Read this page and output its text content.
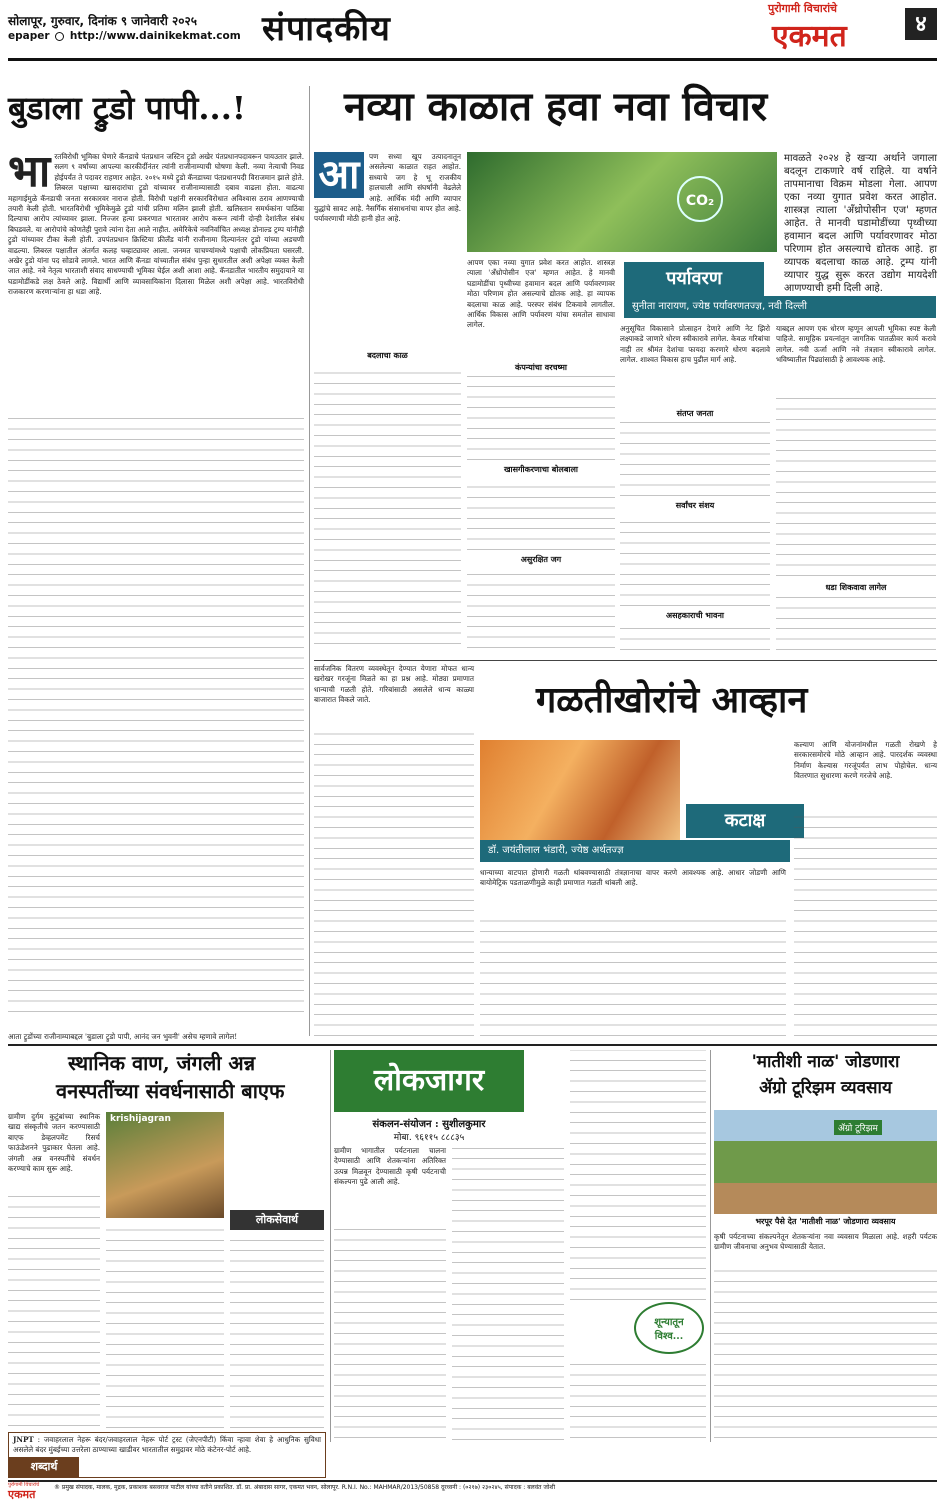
सोलापूर, गुरुवार, दिनांक ९ जानेवारी २०२५
epaper http://www.dainikekmat.com संपादकीय
पुरोगामी विचारांचे
एकमत	४
बुडाला ट्रुडो पापी...!
भा रतविरोधी भूमिका घेणारे कॅनडाचे पंतप्रधान जस्टिन ट्रुडो अखेर पंतप्रधानपदावरून पायउतार झाले. सलग ९ वर्षांच्या आपल्या कारकीर्दीनंतर त्यांनी राजीनाम्याची घोषणा केली. नव्या नेत्याची निवड होईपर्यंत ते पदावर राहणार आहेत. २०१५ मध्ये ट्रुडो कॅनडाच्या पंतप्रधानपदी विराजमान झाले होते. लिबरल पक्षाच्या खासदारांचा ट्रुडो यांच्यावर राजीनाम्यासाठी दबाव वाढला होता. वाढत्या महागाईमुळे कॅनडाची जनता सरकारवर नाराज होती. विरोधी पक्षांनी सरकारविरोधात अविश्वास ठराव आणण्याची तयारी केली होती. भारतविरोधी भूमिकेमुळे ट्रुडो यांची प्रतिमा मलिन झाली होती. खलिस्तान समर्थकांना पाठिंबा दिल्याचा आरोप त्यांच्यावर झाला. निज्जर हत्या प्रकरणात भारतावर आरोप करून त्यांनी दोन्ही देशांतील संबंध बिघडवले. या आरोपांचे कोणतेही पुरावे त्यांना देता आले नाहीत. अमेरिकेचे नवनिर्वाचित अध्यक्ष डोनाल्ड ट्रम्प यांनीही ट्रुडो यांच्यावर टीका केली होती. उपपंतप्रधान क्रिस्टिया फ्रीलँड यांनी राजीनामा दिल्यानंतर ट्रुडो यांच्या अडचणी वाढल्या. लिबरल पक्षातील अंतर्गत कलह चव्हाट्यावर आला. जनमत चाचण्यांमध्ये पक्षाची लोकप्रियता घसरली. अखेर ट्रुडो यांना पद सोडावे लागले. भारत आणि कॅनडा यांच्यातील संबंध पुन्हा सुधारतील अशी अपेक्षा व्यक्त केली जात आहे. नवे नेतृत्व भारताशी संवाद साधण्याची भूमिका घेईल अशी आशा आहे. कॅनडातील भारतीय समुदायाने या घडामोडींकडे लक्ष ठेवले आहे. विद्यार्थी आणि व्यावसायिकांना दिलासा मिळेल अशी अपेक्षा आहे. भारतविरोधी राजकारण करणाऱ्यांना हा धडा आहे.
आता ट्रुडोंच्या राजीनाम्याबद्दल 'बुडाला ट्रुडो पापी, आनंद जन भुवनी' असेच म्हणावे लागेल!
नव्या काळात हवा नवा विचार
आ	पण सध्या खूप उत्पादनातून असलेल्या काळात राहत आहोत. सध्याचे जग हे भू राजकीय हालचाली आणि संघर्षांनी वेढलेले आहे. आर्थिक मंदी आणि व्यापार युद्धांचे सावट आहे. नैसर्गिक संसाधनांचा वापर होत आहे. पर्यावरणाची मोठी हानी होत आहे.
बदलाचा काळ
CO₂
आपण एका नव्या युगात प्रवेश करत आहोत. शास्त्रज्ञ त्याला 'अँथ्रोपोसीन एज' म्हणत आहेत. हे मानवी घडामोडींचा पृथ्वीच्या हवामान बदल आणि पर्यावरणावर मोठा परिणाम होत असल्याचे द्योतक आहे. हा व्यापक बदलाचा काळ आहे. परस्पर संबंध टिकवावे लागतील. आर्थिक विकास आणि पर्यावरण यांचा समतोल साधावा लागेल.
कंपन्यांचा वरचष्मा
खासगीकरणाचा बोलबाला
असुरक्षित जग
मावळते २०२४ हे खऱ्या अर्थाने जगाला बदलून टाकणारे वर्ष राहिले. या वर्षाने तापमानाचा विक्रम मोडला गेला. आपण एका नव्या युगात प्रवेश करत आहोत. शास्त्रज्ञ त्याला 'अँथ्रोपोसीन एज' म्हणत आहेत. ते मानवी घडामोडींच्या पृथ्वीच्या हवामान बदल आणि पर्यावरणावर मोठा परिणाम होत असल्याचे द्योतक आहे. हा व्यापक बदलाचा काळ आहे. ट्रम्प यांनी व्यापार युद्ध सुरू करत उद्योग मायदेशी आणण्याची हमी दिली आहे.
पर्यावरण
सुनीता नारायण, ज्येष्ठ पर्यावरणतज्ज्ञ, नवी दिल्ली
अनुसूचित विकासाने प्रोत्साहन देणारे आणि नेट झिरो लक्ष्याकडे जाणारे धोरण स्वीकारावे लागेल. केवळ गरिबांचा नाही तर श्रीमंत देशांचा फायदा करणारे धोरण बदलावे लागेल. शाश्वत विकास हाच पुढील मार्ग आहे.
संतप्त जनता
सर्वांचर संशय
असहकाराची भावना
याबद्दल आपण एक धोरण म्हणून आपली भूमिका स्पष्ट केली पाहिजे. सामूहिक प्रयत्नांतून जागतिक पातळीवर कार्य करावे लागेल. नवी ऊर्जा आणि नवे तंत्रज्ञान स्वीकारावे लागेल. भविष्यातील पिढ्यांसाठी हे आवश्यक आहे.
धडा शिकवावा लागेल
सार्वजनिक वितरण व्यवस्थेतून देण्यात येणारा मोफत धान्य खरोखर गरजूंना मिळते का हा प्रश्न आहे. मोठ्या प्रमाणात धान्याची गळती होते. गरिबांसाठी असलेले धान्य काळ्या बाजारात विकले जाते.	गळतीखोरांचे आव्हान
कटाक्ष
डॉ. जयंतीलाल भंडारी, ज्येष्ठ अर्थतज्ज्ञ
धान्याच्या वाटपात होणारी गळती थांबवण्यासाठी तंत्रज्ञानाचा वापर करणे आवश्यक आहे. आधार जोडणी आणि बायोमेट्रिक पडताळणीमुळे काही प्रमाणात गळती थांबली आहे.
कल्याण आणि योजनांमधील गळती रोखणे हे सरकारसमोरचे मोठे आव्हान आहे. पारदर्शक व्यवस्था निर्माण केल्यास गरजूंपर्यंत लाभ पोहोचेल. धान्य वितरणात सुधारणा करणे गरजेचे आहे.
स्थानिक वाण, जंगली अन्न
वनस्पतींच्या संवर्धनासाठी बाएफ
ग्रामीण दुर्गम कुटुंबांच्या स्थानिक खाद्य संस्कृतीचे जतन करण्यासाठी बाएफ डेव्हलपमेंट रिसर्च फाऊंडेशनने पुढाकार घेतला आहे. जंगली अन्न वनस्पतींचे संवर्धन करण्याचे काम सुरू आहे.
krishijagran
लोकसेवार्थ
लोकजागर
संकलन-संयोजन : सुशीलकुमार
मोबा. ९६११५ ८८८३५
ग्रामीण भागातील पर्यटनाला चालना देण्यासाठी आणि शेतकऱ्यांना अतिरिक्त उत्पन्न मिळवून देण्यासाठी कृषी पर्यटनाची संकल्पना पुढे आली आहे.
शून्यातून
विश्व...
'मातीशी नाळ' जोडणारा
ॲग्रो टूरिझम व्यवसाय
ॲग्रो टूरिझम
भरपूर पैसे देत 'मातीशी नाळ' जोडणारा व्यवसाय
कृषी पर्यटनाच्या संकल्पनेतून शेतकऱ्यांना नवा व्यवसाय मिळाला आहे. शहरी पर्यटक ग्रामीण जीवनाचा अनुभव घेण्यासाठी येतात.
JNPT : जवाहरलाल नेहरू बंदर/जवाहरलाल नेहरू पोर्ट ट्रस्ट (जेएनपीटी) किंवा न्हावा शेवा हे आधुनिक सुविधा असलेले बंदर मुंबईच्या उत्तरेला ठाण्याच्या खाडीवर भारतातील समुद्रावर मोठे कंटेनर-पोर्ट आहे.
शब्दार्थ
पुरोगामी विचारांचे
एकमत
® प्रमुख संपादक, मालक, मुद्रक, प्रकाशक बसवराज पाटील यांच्या वतीने प्रकाशित. डॉ. प्रा. अंबादास सागर, एकमत भवन, सोलापूर. R.N.I. No.: MAHMAR/2013/50858 दूरध्वनी : (०२१७) २३०२४५, संपादक : बलवंत जोशी
